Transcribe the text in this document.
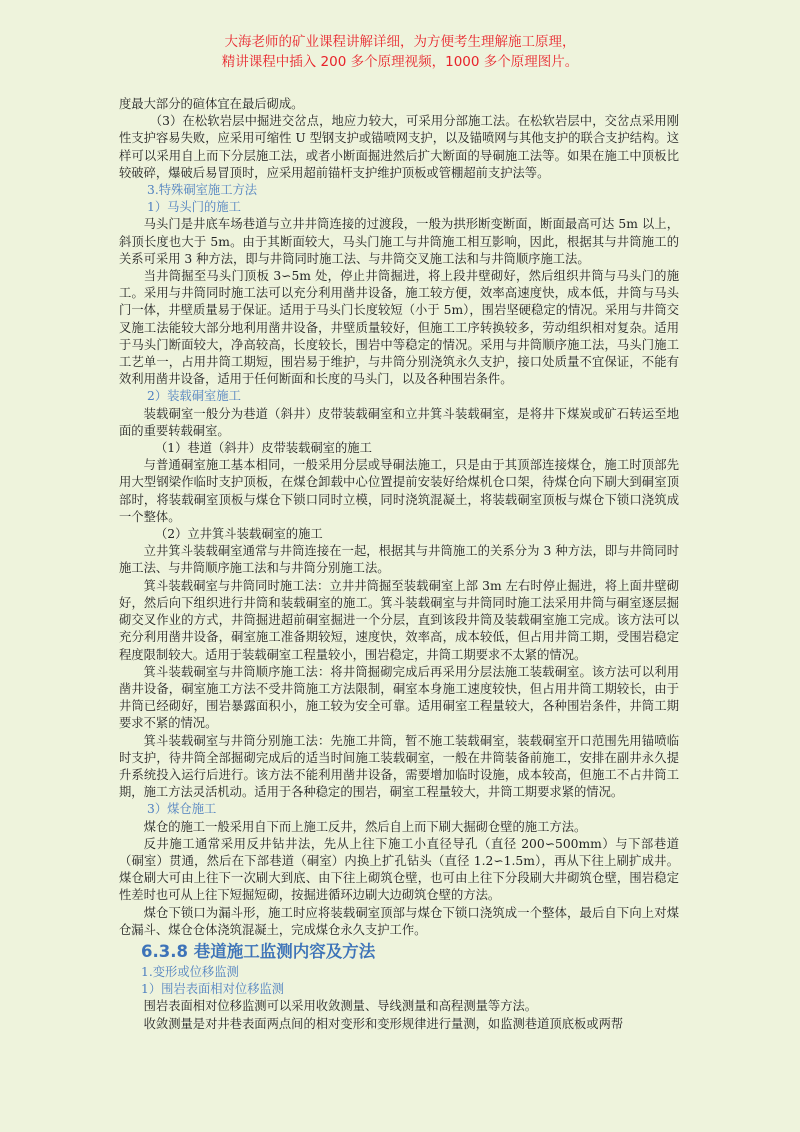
大海老师的矿业课程讲解详细，为方便考生理解施工原理，
精讲课程中插入 200 多个原理视频，1000 多个原理图片。

度最大部分的碹体宜在最后砌成。

（3）在松软岩层中掘进交岔点，地应力较大，可采用分部施工法。在松软岩层中，交岔点采用刚性支护容易失败，应采用可缩性 U 型钢支护或锚喷网支护，以及锚喷网与其他支护的联合支护结构。这样可以采用自上而下分层施工法，或者小断面掘进然后扩大断面的导硐施工法等。如果在施工中顶板比较破碎，爆破后易冒顶时，应采用超前锚杆支护维护顶板或管棚超前支护法等。

3.特殊硐室施工方法

1）马头门的施工

马头门是井底车场巷道与立井井筒连接的过渡段，一般为拱形断变断面，断面最高可达 5m 以上，斜顶长度也大于 5m。由于其断面较大，马头门施工与井筒施工相互影响，因此，根据其与井筒施工的关系可采用 3 种方法，即与井筒同时施工法、与井筒交叉施工法和与井筒顺序施工法。

当井筒掘至马头门顶板 3∽5m 处，停止井筒掘进，将上段井壁砌好，然后组织井筒与马头门的施工。采用与井筒同时施工法可以充分利用凿井设备，施工较方便，效率高速度快，成本低，井筒与马头门一体，井壁质量易于保证。适用于马头门长度较短（小于 5m），围岩坚硬稳定的情况。采用与井筒交叉施工法能较大部分地利用凿井设备，井壁质量较好，但施工工序转换较多，劳动组织相对复杂。适用于马头门断面较大，净高较高，长度较长，围岩中等稳定的情况。采用与井筒顺序施工法，马头门施工工艺单一，占用井筒工期短，围岩易于维护，与井筒分别浇筑永久支护，接口处质量不宜保证，不能有效利用凿井设备，适用于任何断面和长度的马头门，以及各种围岩条件。

2）装载硐室施工

装载硐室一般分为巷道（斜井）皮带装载硐室和立井箕斗装载硐室，是将井下煤炭或矿石转运至地面的重要转载硐室。

（1）巷道（斜井）皮带装载硐室的施工

与普通硐室施工基本相同，一般采用分层或导硐法施工，只是由于其顶部连接煤仓，施工时顶部先用大型钢梁作临时支护顶板，在煤仓卸载中心位置提前安装好给煤机仓口架，待煤仓向下刷大到硐室顶部时，将装载硐室顶板与煤仓下锁口同时立模，同时浇筑混凝土，将装载硐室顶板与煤仓下锁口浇筑成一个整体。

（2）立井箕斗装载硐室的施工

立井箕斗装载硐室通常与井筒连接在一起，根据其与井筒施工的关系分为 3 种方法，即与井筒同时施工法、与井筒顺序施工法和与井筒分别施工法。

箕斗装载硐室与井筒同时施工法：立井井筒掘至装载硐室上部 3m 左右时停止掘进，将上面井壁砌好，然后向下组织进行井筒和装载硐室的施工。箕斗装载硐室与井筒同时施工法采用井筒与硐室逐层掘砌交叉作业的方式，井筒掘进超前硐室掘进一个分层，直到该段井筒及装载硐室施工完成。该方法可以充分利用凿井设备，硐室施工准备期较短，速度快，效率高，成本较低，但占用井筒工期，受围岩稳定程度限制较大。适用于装载硐室工程量较小，围岩稳定，井筒工期要求不太紧的情况。

箕斗装载硐室与井筒顺序施工法：将井筒掘砌完成后再采用分层法施工装载硐室。该方法可以利用凿井设备，硐室施工方法不受井筒施工方法限制，硐室本身施工速度较快，但占用井筒工期较长，由于井筒已经砌好，围岩暴露面积小，施工较为安全可靠。适用硐室工程量较大，各种围岩条件，井筒工期要求不紧的情况。

箕斗装载硐室与井筒分别施工法：先施工井筒，暂不施工装载硐室，装载硐室开口范围先用锚喷临时支护，待井筒全部掘砌完成后的适当时间施工装载硐室，一般在井筒装备前施工，安排在副井永久提升系统投入运行后进行。该方法不能利用凿井设备，需要增加临时设施，成本较高，但施工不占井筒工期，施工方法灵活机动。适用于各种稳定的围岩，硐室工程量较大，井筒工期要求紧的情况。

3）煤仓施工

煤仓的施工一般采用自下而上施工反井，然后自上而下刷大掘砌仓壁的施工方法。

反井施工通常采用反井钻井法，先从上往下施工小直径导孔（直径 200∽500mm）与下部巷道（硐室）贯通，然后在下部巷道（硐室）内换上扩孔钻头（直径 1.2∽1.5m），再从下往上刷扩成井。煤仓刷大可由上往下一次刷大到底、由下往上砌筑仓壁，也可由上往下分段刷大井砌筑仓壁，围岩稳定性差时也可从上往下短掘短砌，按掘进循环边刷大边砌筑仓壁的方法。

煤仓下锁口为漏斗形，施工时应将装载硐室顶部与煤仓下锁口浇筑成一个整体，最后自下向上对煤仓漏斗、煤仓仓体浇筑混凝土，完成煤仓永久支护工作。

6.3.8 巷道施工监测内容及方法

1.变形或位移监测

1）围岩表面相对位移监测

围岩表面相对位移监测可以采用收敛测量、导线测量和高程测量等方法。

收敛测量是对井巷表面两点间的相对变形和变形规律进行量测，如监测巷道顶底板或两帮
